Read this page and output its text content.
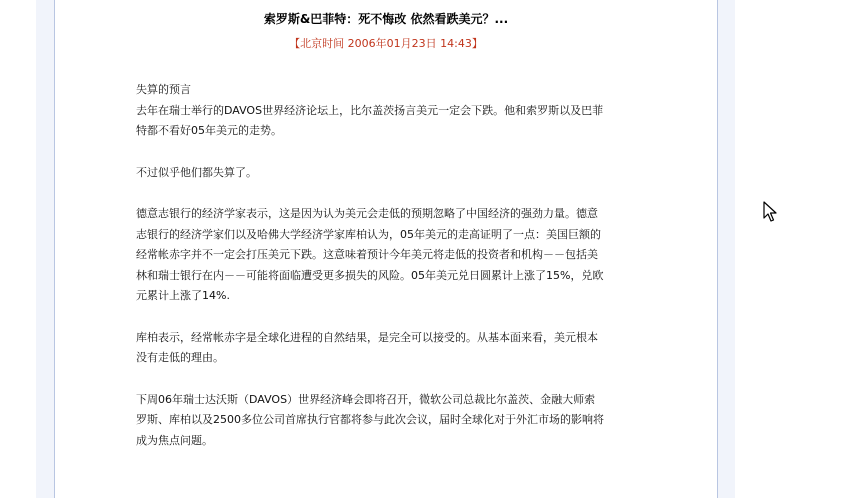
索罗斯&巴菲特：死不悔改 依然看跌美元？...
【北京时间 2006年01月23日 14:43】
失算的预言

去年在瑞士举行的DAVOS世界经济论坛上，比尔盖茨扬言美元一定会下跌。他和索罗斯以及巴菲特都不看好05年美元的走势。

不过似乎他们都失算了。

德意志银行的经济学家表示，这是因为认为美元会走低的预期忽略了中国经济的强劲力量。德意志银行的经济学家们以及哈佛大学经济学家库柏认为，05年美元的走高证明了一点：美国巨额的经常帐赤字并不一定会打压美元下跌。这意味着预计今年美元将走低的投资者和机构－－包括美林和瑞士银行在内－－可能将面临遭受更多损失的风险。05年美元兑日圆累计上涨了15%，兑欧元累计上涨了14%.

库柏表示，经常帐赤字是全球化进程的自然结果，是完全可以接受的。从基本面来看，美元根本没有走低的理由。

下周06年瑞士达沃斯（DAVOS）世界经济峰会即将召开，微软公司总裁比尔盖茨、金融大师索罗斯、库柏以及2500多位公司首席执行官都将参与此次会议，届时全球化对于外汇市场的影响将成为焦点问题。
